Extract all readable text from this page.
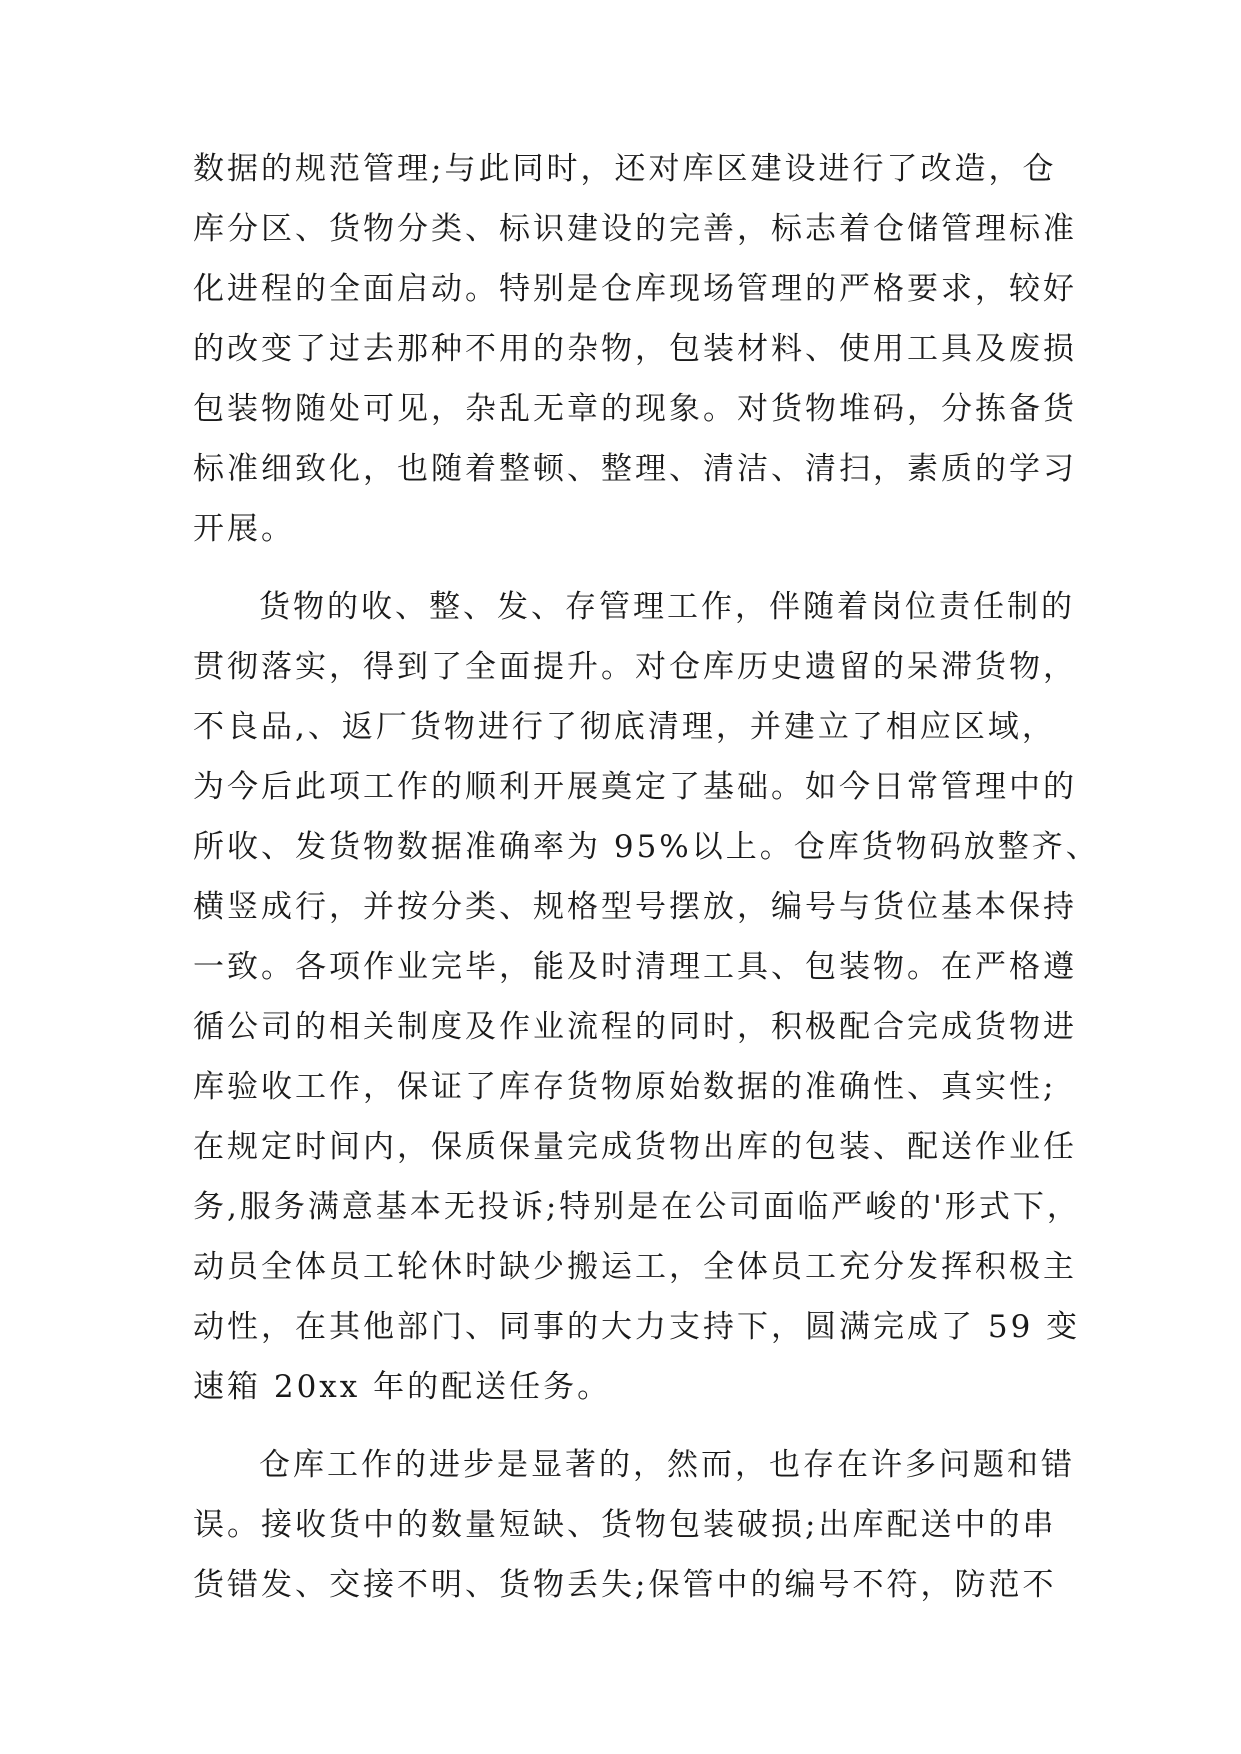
数据的规范管理;与此同时，还对库区建设进行了改造，仓
库分区、货物分类、标识建设的完善，标志着仓储管理标准
化进程的全面启动。特别是仓库现场管理的严格要求，较好
的改变了过去那种不用的杂物，包装材料、使用工具及废损
包装物随处可见，杂乱无章的现象。对货物堆码，分拣备货
标准细致化，也随着整顿、整理、清洁、清扫，素质的学习
开展。
货物的收、整、发、存管理工作，伴随着岗位责任制的
贯彻落实，得到了全面提升。对仓库历史遗留的呆滞货物，
不良品,、返厂货物进行了彻底清理，并建立了相应区域，
为今后此项工作的顺利开展奠定了基础。如今日常管理中的
所收、发货物数据准确率为 95%以上。仓库货物码放整齐、
横竖成行，并按分类、规格型号摆放，编号与货位基本保持
一致。各项作业完毕，能及时清理工具、包装物。在严格遵
循公司的相关制度及作业流程的同时，积极配合完成货物进
库验收工作，保证了库存货物原始数据的准确性、真实性;
在规定时间内，保质保量完成货物出库的包装、配送作业任
务,服务满意基本无投诉;特别是在公司面临严峻的'形式下，
动员全体员工轮休时缺少搬运工，全体员工充分发挥积极主
动性，在其他部门、同事的大力支持下，圆满完成了 59 变
速箱 20xx 年的配送任务。
仓库工作的进步是显著的，然而，也存在许多问题和错
误。接收货中的数量短缺、货物包装破损;出库配送中的串
货错发、交接不明、货物丢失;保管中的编号不符，防范不
